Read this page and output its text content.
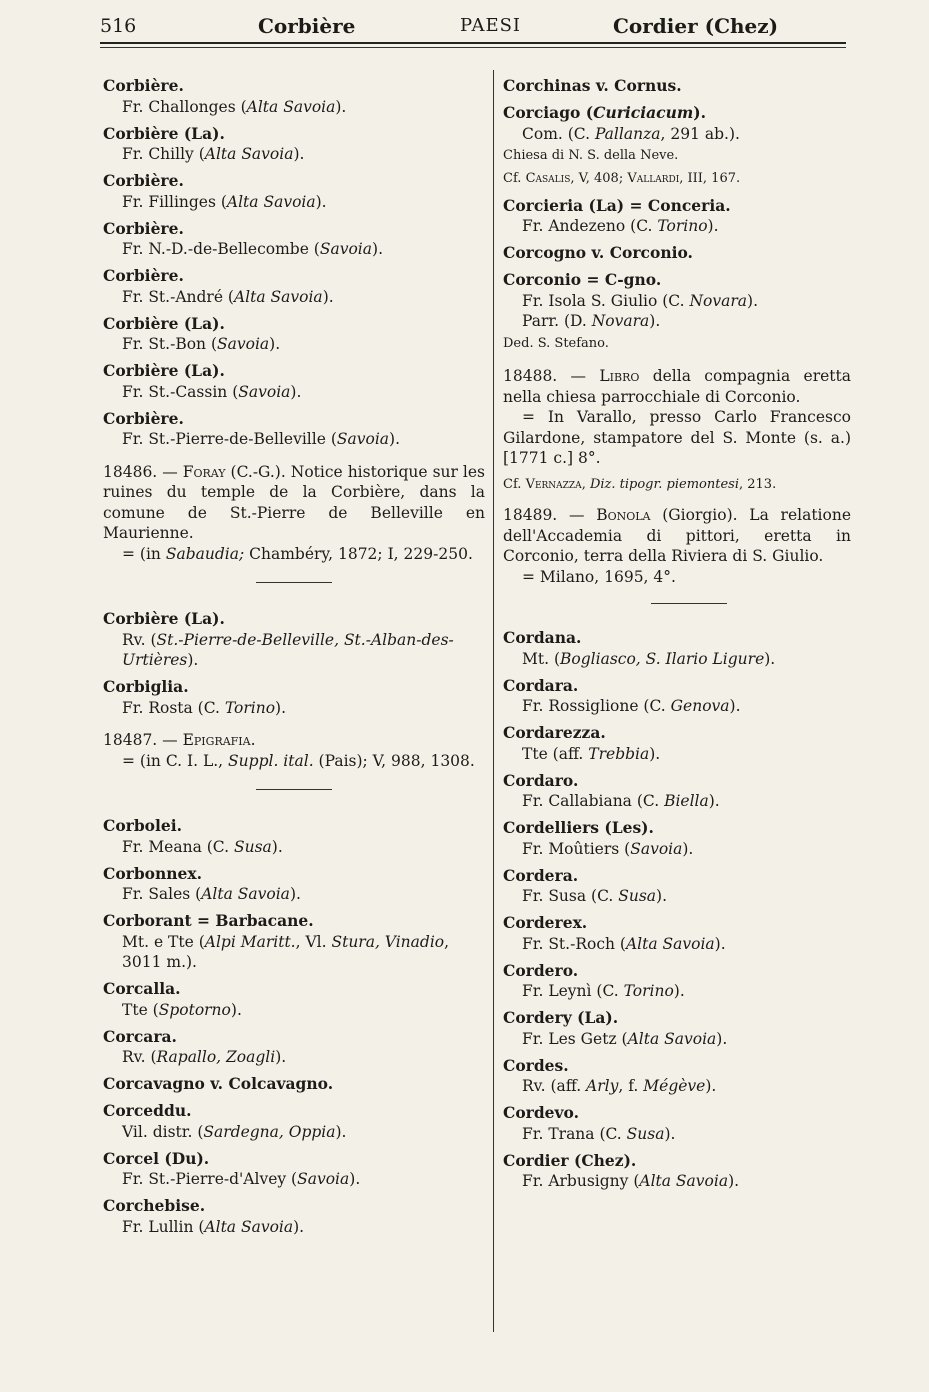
516	Corbière	PAESI	Cordier (Chez)
Corbière.
Fr. Challonges (Alta Savoia).
Corbière (La).
Fr. Chilly (Alta Savoia).
Corbière.
Fr. Fillinges (Alta Savoia).
Corbière.
Fr. N.-D.-de-Bellecombe (Savoia).
Corbière.
Fr. St.-André (Alta Savoia).
Corbière (La).
Fr. St.-Bon (Savoia).
Corbière (La).
Fr. St.-Cassin (Savoia).
Corbière.
Fr. St.-Pierre-de-Belleville (Savoia).
18486. — Foray (C.-G.). Notice historique sur les ruines du temple de la Corbière, dans la comune de St.-Pierre de Belleville en Maurienne.
= (in Sabaudia; Chambéry, 1872; I, 229-250.
Corbière (La).
Rv. (St.-Pierre-de-Belleville, St.-Alban-des-Urtières).
Corbiglia.
Fr. Rosta (C. Torino).
18487. — Epigrafia.
= (in C. I. L., Suppl. ital. (Pais); V, 988, 1308.
Corbolei.
Fr. Meana (C. Susa).
Corbonnex.
Fr. Sales (Alta Savoia).
Corborant = Barbacane.
Mt. e Tte (Alpi Maritt., Vl. Stura, Vinadio, 3011 m.).
Corcalla.
Tte (Spotorno).
Corcara.
Rv. (Rapallo, Zoagli).
Corcavagno v. Colcavagno.
Corceddu.
Vil. distr. (Sardegna, Oppia).
Corcel (Du).
Fr. St.-Pierre-d'Alvey (Savoia).
Corchebise.
Fr. Lullin (Alta Savoia).
Corchinas v. Cornus.
Corciago (Curiciacum).
Com. (C. Pallanza, 291 ab.).
Chiesa di N. S. della Neve.
Cf. Casalis, V, 408; Vallardi, III, 167.
Corcieria (La) = Conceria.
Fr. Andezeno (C. Torino).
Corcogno v. Corconio.
Corconio = C-gno.
Fr. Isola S. Giulio (C. Novara).
Parr. (D. Novara).
Ded. S. Stefano.
18488. — Libro della compagnia eretta nella chiesa parrocchiale di Corconio.
= In Varallo, presso Carlo Francesco Gilardone, stampatore del S. Monte (s. a.) [1771 c.] 8°.
Cf. Vernazza, Diz. tipogr. piemontesi, 213.
18489. — Bonola (Giorgio). La relatione dell'Accademia di pittori, eretta in Corconio, terra della Riviera di S. Giulio.
= Milano, 1695, 4°.
Cordana.
Mt. (Bogliasco, S. Ilario Ligure).
Cordara.
Fr. Rossiglione (C. Genova).
Cordarezza.
Tte (aff. Trebbia).
Cordaro.
Fr. Callabiana (C. Biella).
Cordelliers (Les).
Fr. Moûtiers (Savoia).
Cordera.
Fr. Susa (C. Susa).
Corderex.
Fr. St.-Roch (Alta Savoia).
Cordero.
Fr. Leynì (C. Torino).
Cordery (La).
Fr. Les Getz (Alta Savoia).
Cordes.
Rv. (aff. Arly, f. Mégève).
Cordevo.
Fr. Trana (C. Susa).
Cordier (Chez).
Fr. Arbusigny (Alta Savoia).
